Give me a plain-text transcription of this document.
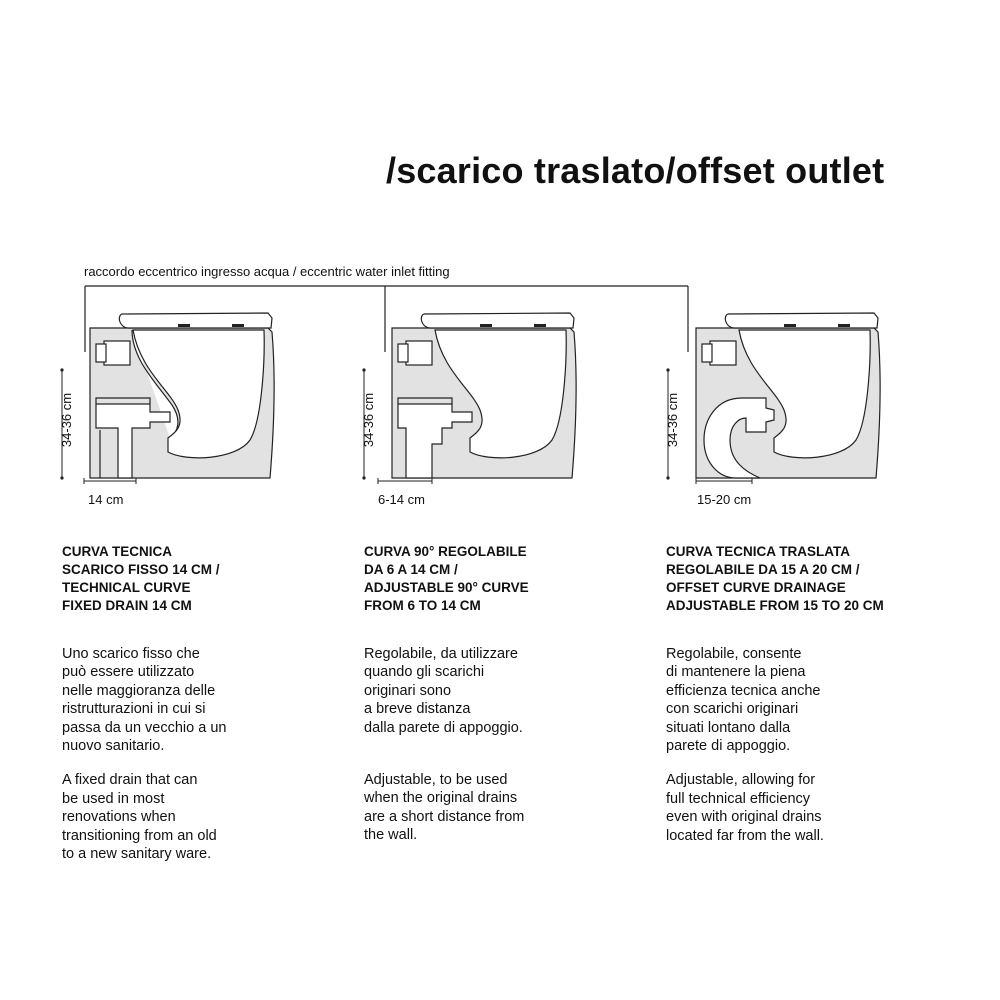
/scarico traslato/offset outlet
raccordo eccentrico ingresso acqua / eccentric water inlet fitting
34-36 cm	34-36 cm	34-36 cm
14 cm	6-14 cm	15-20 cm

CURVA TECNICA
SCARICO FISSO 14 CM /
TECHNICAL CURVE
FIXED DRAIN 14 CM

Uno scarico fisso che
può essere utilizzato
nelle maggioranza delle
ristrutturazioni in cui si
passa da un vecchio a un
nuovo sanitario.

A fixed drain that can
be used in most
renovations when
transitioning from an old
to a new sanitary ware.

CURVA 90° REGOLABILE
DA 6 A 14 CM /
ADJUSTABLE 90° CURVE
FROM 6 TO 14 CM

Regolabile, da utilizzare
quando gli scarichi
originari sono
a breve distanza
dalla parete di appoggio.

Adjustable, to be used
when the original drains
are a short distance from
the wall.

CURVA TECNICA TRASLATA
REGOLABILE DA 15 A 20 CM /
OFFSET CURVE DRAINAGE
ADJUSTABLE FROM 15 TO 20 CM

Regolabile, consente
di mantenere la piena
efficienza tecnica anche
con scarichi originari
situati lontano dalla
parete di appoggio.

Adjustable, allowing for
full technical efficiency
even with original drains
located far from the wall.
